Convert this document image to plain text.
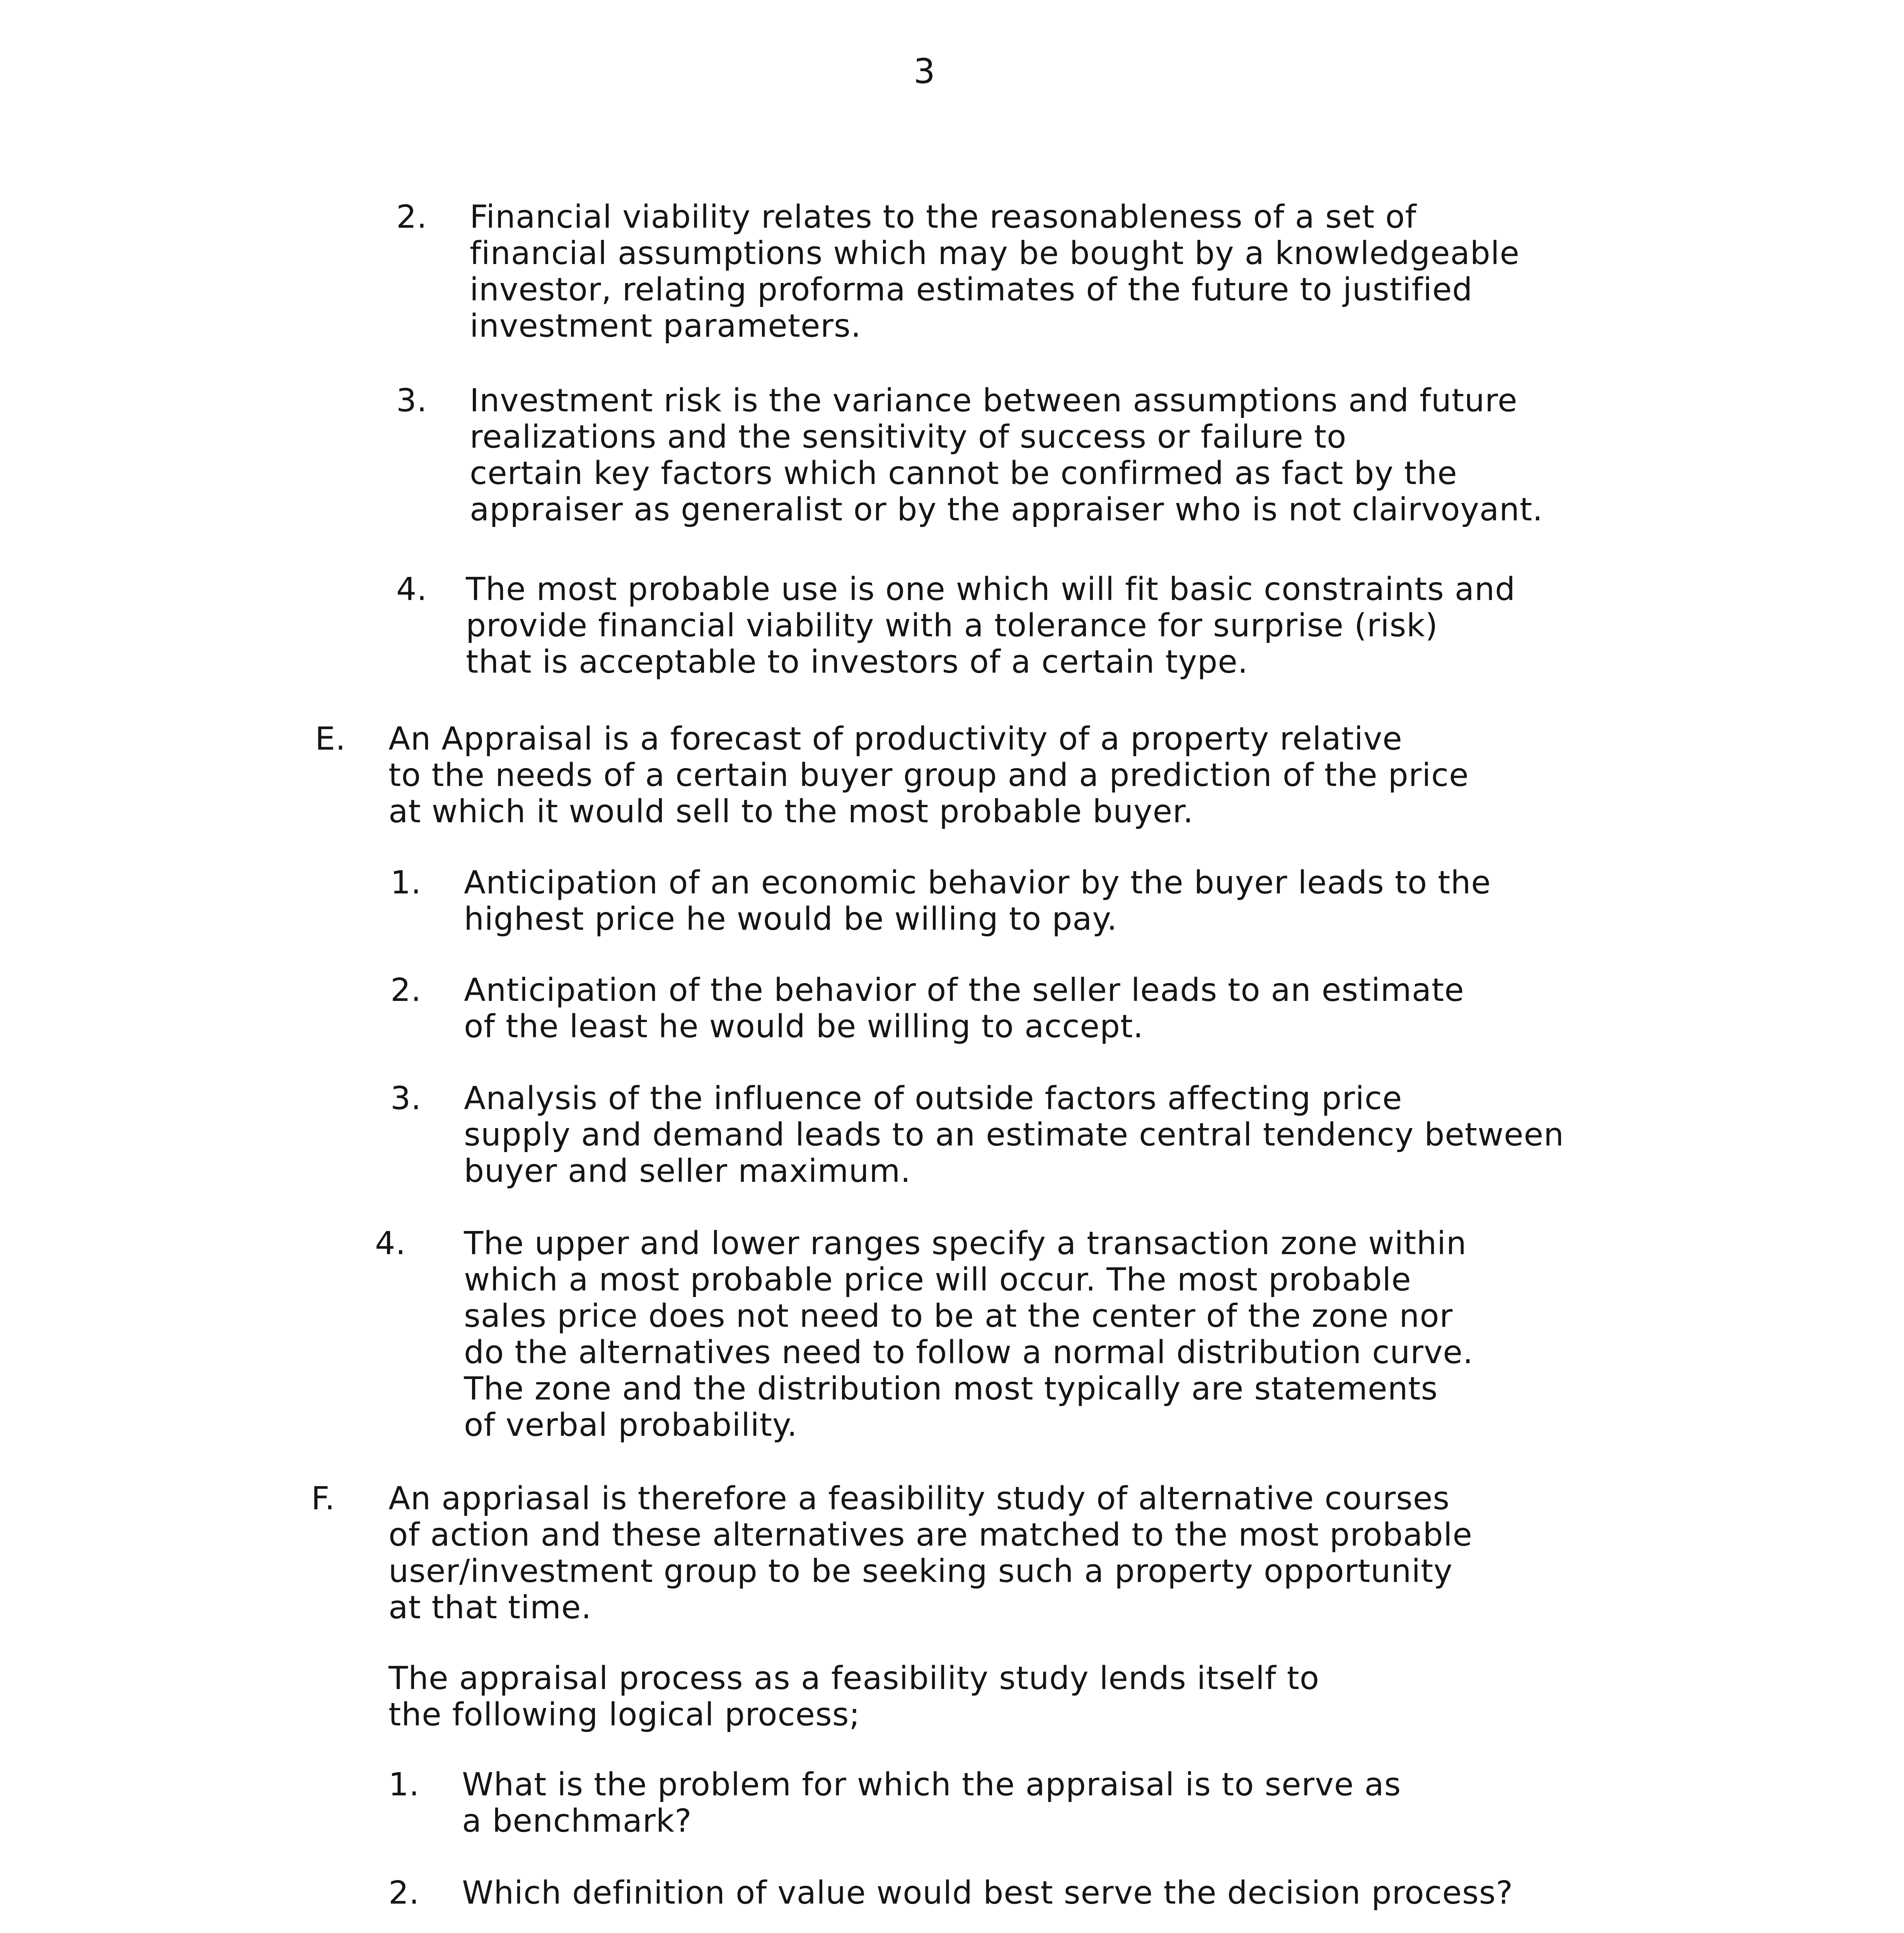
3
2. Financial viability relates to the reasonableness of a set of
financial assumptions which may be bought by a knowledgeable
investor, relating proforma estimates of the future to justified
investment parameters.
3. Investment risk is the variance between assumptions and future
realizations and the sensitivity of success or failure to
certain key factors which cannot be confirmed as fact by the
appraiser as generalist or by the appraiser who is not clairvoyant.
4. The most probable use is one which will fit basic constraints and
provide financial viability with a tolerance for surprise (risk)
that is acceptable to investors of a certain type.
E. An Appraisal is a forecast of productivity of a property relative
to the needs of a certain buyer group and a prediction of the price
at which it would sell to the most probable buyer.
1. Anticipation of an economic behavior by the buyer leads to the
highest price he would be willing to pay.
2. Anticipation of the behavior of the seller leads to an estimate
of the least he would be willing to accept.
3. Analysis of the influence of outside factors affecting price
supply and demand leads to an estimate central tendency between
buyer and seller maximum.
4. The upper and lower ranges specify a transaction zone within
which a most probable price will occur. The most probable
sales price does not need to be at the center of the zone nor
do the alternatives need to follow a normal distribution curve.
The zone and the distribution most typically are statements
of verbal probability.
F. An appriasal is therefore a feasibility study of alternative courses
of action and these alternatives are matched to the most probable
user/investment group to be seeking such a property opportunity
at that time.
The appraisal process as a feasibility study lends itself to
the following logical process;
1. What is the problem for which the appraisal is to serve as
a benchmark?
2. Which definition of value would best serve the decision process?
